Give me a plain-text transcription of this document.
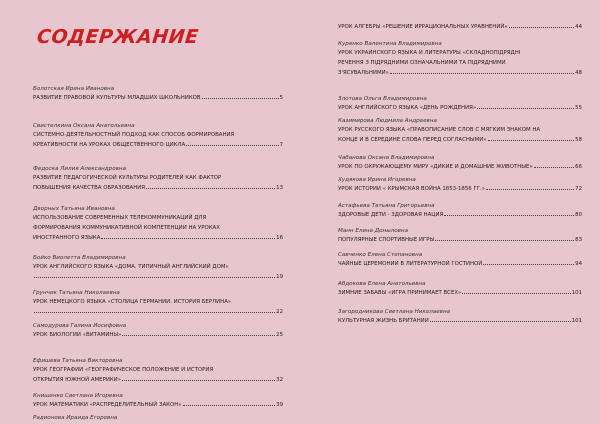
СОДЕРЖАНИЕ
Болотская Ирина Ивановна
РАЗВИТИЕ ПРАВОВОЙ КУЛЬТУРЫ МЛАДШИХ ШКОЛЬНИКОВ	5
Свистелкина Оксана Анатольевна
СИСТЕМНО-ДЕЯТЕЛЬНОСТНЫЙ ПОДХОД КАК СПОСОБ ФОРМИРОВАНИЯ
КРЕАТИВНОСТИ НА УРОКАХ ОБЩЕСТВЕННОГО ЦИКЛА	7
Федоска Лилия Александровна
РАЗВИТИЕ ПЕДАГОГИЧЕСКОЙ КУЛЬТУРЫ РОДИТЕЛЕЙ КАК ФАКТОР
ПОВЫШЕНИЯ КАЧЕСТВА ОБРАЗОВАНИЯ	13
Дворных Татьяна Ивановна
ИСПОЛЬЗОВАНИЕ СОВРЕМЕННЫХ ТЕЛЕКОММУНИКАЦИЙ ДЛЯ
ФОРМИРОВАНИЯ КОММУНИКАТИВНОЙ КОМПЕТЕНЦИИ НА УРОКАХ
ИНОСТРАННОГО ЯЗЫКА	16
Бойко Виолетта Владимировна
УРОК АНГЛИЙСКОГО ЯЗЫКА «ДОМА. ТИПИЧНЫЙ АНГЛИЙСКИЙ ДОМ»
19
Грунчик Татьяна Николаевна
УРОК НЕМЕЦКОГО ЯЗЫКА «СТОЛИЦА ГЕРМАНИИ. ИСТОРИЯ БЕРЛИНА»
22
Самодурова Галина Иосифовна
УРОК БИОЛОГИИ «ВИТАМИНЫ»	25
Ефишева Татьяна Викторовна
УРОК ГЕОГРАФИИ «ГЕОГРАФИЧЕСКОЕ ПОЛОЖЕНИЕ И ИСТОРИЯ
ОТКРЫТИЯ ЮЖНОЙ АМЕРИКИ»	32
Книшенко Светлана Игоревна
УРОК МАТЕМАТИКИ «РАСПРЕДЕЛИТЕЛЬНЫЙ ЗАКОН»	39
Радионова Ираида Егоровна
УРОК АЛГЕБРЫ «РЕШЕНИЕ ИРРАЦИОНАЛЬНЫХ УРАВНЕНИЙ»	44
Куренко Валентина Владимировна
УРОК УКРАИНСКОГО ЯЗЫКА И ЛИТЕРАТУРЫ «СКЛАДНОПІДРЯДНІ
РЕЧЕННЯ З ПІДРЯДНИМИ ОЗНАЧАЛЬНИМИ ТА ПІДРЯДНИМИ
З'ЯСУВАЛЬНИМИ»	48
Злотова Ольга Владимировна
УРОК АНГЛИЙСКОГО ЯЗЫКА «ДЕНЬ РОЖДЕНИЯ»	55
Казимирова Людмила Андреевна
УРОК РУССКОГО ЯЗЫКА «ПРАВОПИСАНИЕ СЛОВ С МЯГКИМ ЗНАКОМ НА
КОНЦЕ И В СЕРЕДИНЕ СЛОВА ПЕРЕД СОГЛАСНЫМИ»	58
Чабанова Оксана Владимировна
УРОК ПО ОКРУЖАЮЩЕМУ МИРУ «ДИКИЕ И ДОМАШНИЕ ЖИВОТНЫЕ»	66
Худякова Ирина Игоревна
УРОК ИСТОРИИ « КРЫМСКАЯ ВОЙНА 1853-1856 ГГ.»	72
Астафьева Татьяна Григорьевна
ЗДОРОВЫЕ ДЕТИ - ЗДОРОВАЯ НАЦИЯ	80
Манн Елена Доныловна
ПОПУЛЯРНЫЕ СПОРТИВНЫЕ ИГРЫ	83
Савченко Елена Степановна
ЧАЙНЫЕ ЦЕРЕМОНИИ В ЛИТЕРАТУРНОЙ ГОСТИНОЙ	94
Абдокова Елена Анатольевна
ЗИМНИЕ ЗАБАВЫ «ИГРА ПРИНИМАЕТ ВСЕХ»	101
Загородникова Светлана Николаевна
КУЛЬТУРНАЯ ЖИЗНЬ БРИТАНИИ	101
